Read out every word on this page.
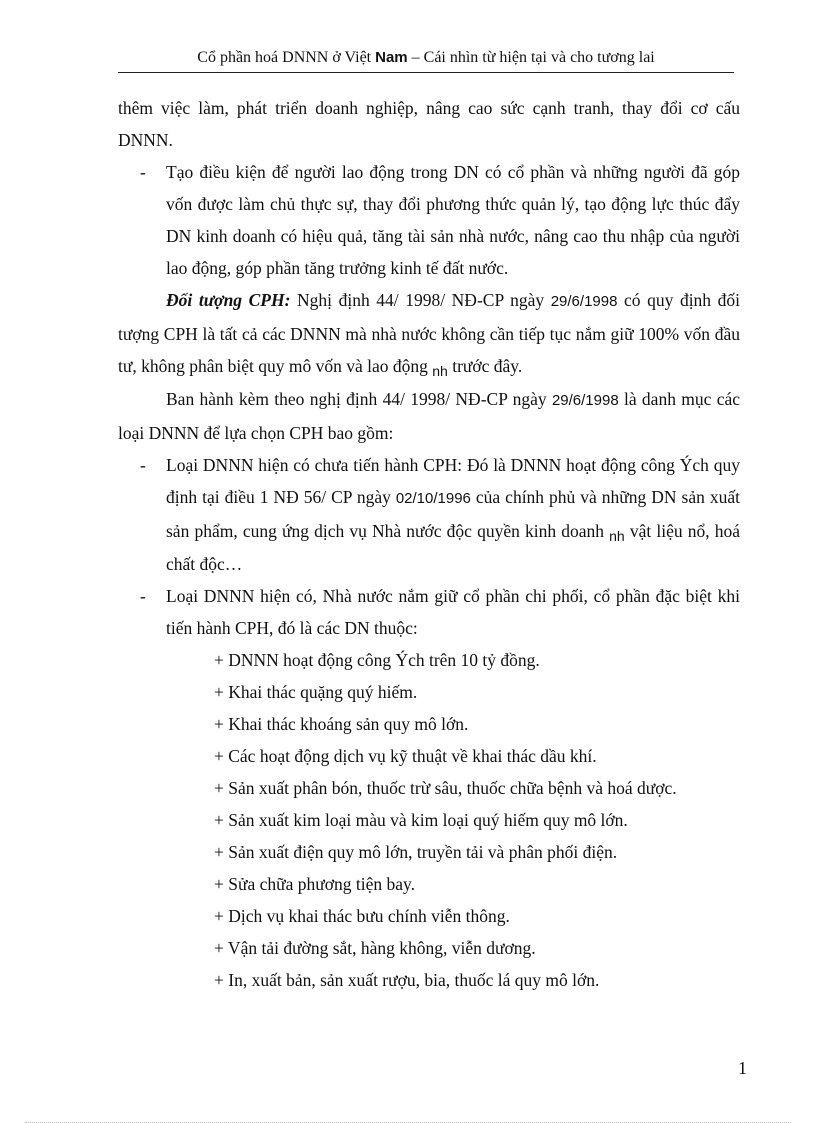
Cổ phần hoá DNNN ở Việt Nam – Cái nhìn từ hiện tại và cho tương lai

thêm việc làm, phát triển doanh nghiệp, nâng cao sức cạnh tranh, thay đổi cơ cấu DNNN.

-	Tạo điều kiện để người lao động trong DN có cổ phần và những người đã góp vốn được làm chủ thực sự, thay đổi phương thức quản lý, tạo động lực thúc đẩy DN kinh doanh có hiệu quả, tăng tài sản nhà nước, nâng cao thu nhập của người lao động, góp phần tăng trưởng kinh tế đất nước.

Đối tượng CPH: Nghị định 44/ 1998/ NĐ-CP ngày 29/6/1998 có quy định đối tượng CPH là tất cả các DNNN mà nhà nước không cần tiếp tục nắm giữ 100% vốn đầu tư, không phân biệt quy mô vốn và lao động $_{nh}$ trước đây.

Ban hành kèm theo nghị định 44/ 1998/ NĐ-CP ngày 29/6/1998 là danh mục các loại DNNN để lựa chọn CPH bao gồm:

-	Loại DNNN hiện có chưa tiến hành CPH: Đó là DNNN hoạt động công Ých quy định tại điều 1 NĐ 56/ CP ngày 02/10/1996 của chính phủ và những DN sản xuất sản phẩm, cung ứng dịch vụ Nhà nước độc quyền kinh doanh $_{nh}$ vật liệu nổ, hoá chất độc…
-	Loại DNNN hiện có, Nhà nước nắm giữ cổ phần chi phối, cổ phần đặc biệt khi tiến hành CPH, đó là các DN thuộc:
+ DNNN hoạt động công Ých trên 10 tỷ đồng.
+ Khai thác quặng quý hiếm.
+ Khai thác khoáng sản quy mô lớn.
+ Các hoạt động dịch vụ kỹ thuật về khai thác dầu khí.
+ Sản xuất phân bón, thuốc trừ sâu, thuốc chữa bệnh và hoá dược.
+ Sản xuất kim loại màu và kim loại quý hiếm quy mô lớn.
+ Sản xuất điện quy mô lớn, truyền tải và phân phối điện.
+ Sửa chữa phương tiện bay.
+ Dịch vụ khai thác bưu chính viễn thông.
+ Vận tải đường sắt, hàng không, viễn dương.
+ In, xuất bản, sản xuất rượu, bia, thuốc lá quy mô lớn.
1
